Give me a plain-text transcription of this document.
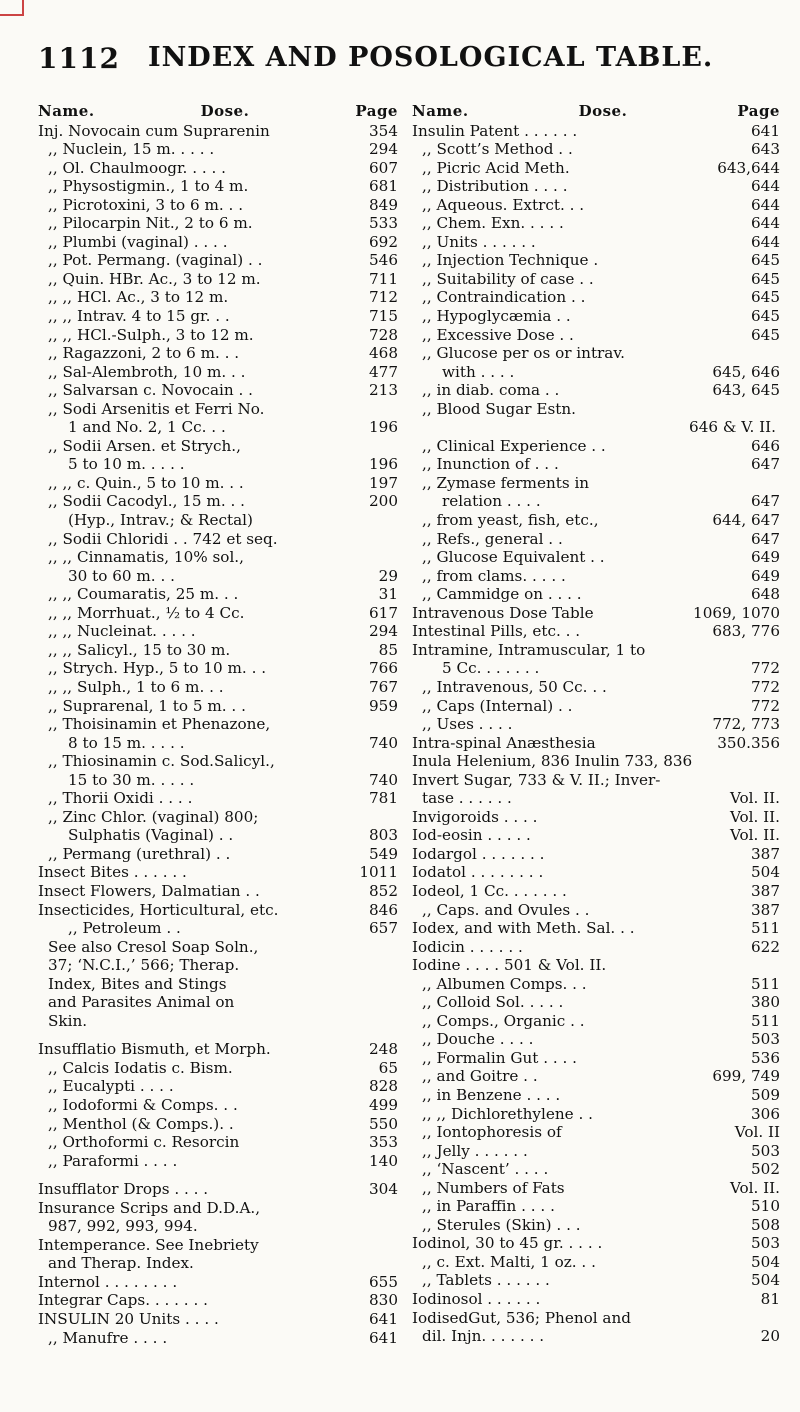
1112 INDEX AND POSOLOGICAL TABLE.
Name.	Dose.	Page
Inj. Novocain cum Suprarenin	354
,, Nuclein, 15 m. . . . .	294
,, Ol. Chaulmoogr. . . . .	607
,, Physostigmin., 1 to 4 m.	681
,, Picrotoxini, 3 to 6 m. . .	849
,, Pilocarpin Nit., 2 to 6 m.	533
,, Plumbi (vaginal) . . . .	692
,, Pot. Permang. (vaginal) . .	546
,, Quin. HBr. Ac., 3 to 12 m.	711
,, ,, HCl. Ac., 3 to 12 m.	712
,, ,, Intrav. 4 to 15 gr. . .	715
,, ,, HCl.-Sulph., 3 to 12 m.	728
,, Ragazzoni, 2 to 6 m. . .	468
,, Sal-Alembroth, 10 m. . .	477
,, Salvarsan c. Novocain . .	213
,, Sodi Arsenitis et Ferri No.
1 and No. 2, 1 Cc. . .	196
,, Sodii Arsen. et Strych.,
5 to 10 m. . . . .	196
,, ,, c. Quin., 5 to 10 m. . .	197
,, Sodii Cacodyl., 15 m. . .	200
(Hyp., Intrav.; & Rectal)
,, Sodii Chloridi . . 742 et seq.
,, ,, Cinnamatis, 10% sol.,
30 to 60 m. . .	29
,, ,, Coumaratis, 25 m. . .	31
,, ,, Morrhuat., ½ to 4 Cc.	617
,, ,, Nucleinat. . . . .	294
,, ,, Salicyl., 15 to 30 m.	85
,, Strych. Hyp., 5 to 10 m. . .	766
,, ,, Sulph., 1 to 6 m. . .	767
,, Suprarenal, 1 to 5 m. . .	959
,, Thoisinamin et Phenazone,
8 to 15 m. . . . .	740
,, Thiosinamin c. Sod.Salicyl.,
15 to 30 m. . . . .	740
,, Thorii Oxidi . . . .	781
,, Zinc Chlor. (vaginal) 800;
Sulphatis (Vaginal) . .	803
,, Permang (urethral) . .	549
Insect Bites . . . . . .	1011
Insect Flowers, Dalmatian . .	852
Insecticides, Horticultural, etc.	846
,, Petroleum . .	657
See also Cresol Soap Soln.,
37; ‘N.C.I.,’ 566; Therap.
Index, Bites and Stings
and Parasites Animal on
Skin.
Insufflatio Bismuth, et Morph.	248
,, Calcis Iodatis c. Bism.	65
,, Eucalypti . . . .	828
,, Iodoformi & Comps. . .	499
,, Menthol (& Comps.). .	550
,, Orthoformi c. Resorcin	353
,, Paraformi . . . .	140
Insufflator Drops . . . .	304
Insurance Scrips and D.D.A.,
987, 992, 993, 994.
Intemperance. See Inebriety
and Therap. Index.
Internol . . . . . . . .	655
Integrar Caps. . . . . . .	830
INSULIN 20 Units . . . .	641
,, Manufre . . . .	641
Name.	Dose.	Page
Insulin Patent . . . . . .	641
,, Scott’s Method . .	643
,, Picric Acid Meth.	643,644
,, Distribution . . . .	644
,, Aqueous. Extrct. . .	644
,, Chem. Exn. . . . .	644
,, Units . . . . . .	644
,, Injection Technique .	645
,, Suitability of case . .	645
,, Contraindication . .	645
,, Hypoglycæmia . .	645
,, Excessive Dose . .	645
,, Glucose per os or intrav.
with . . . .	645, 646
,, in diab. coma . .	643, 645
,, Blood Sugar Estn.
646 & V. II.
,, Clinical Experience . .	646
,, Inunction of . . .	647
,, Zymase ferments in
relation . . . .	647
,, from yeast, fish, etc.,	644, 647
,, Refs., general . .	647
,, Glucose Equivalent . .	649
,, from clams. . . . .	649
,, Cammidge on . . . .	648
Intravenous Dose Table	1069, 1070
Intestinal Pills, etc. . .	683, 776
Intramine, Intramuscular, 1 to
5 Cc. . . . . . .	772
,, Intravenous, 50 Cc. . .	772
,, Caps (Internal) . .	772
,, Uses . . . .	772, 773
Intra-spinal Anæsthesia	350.356
Inula Helenium, 836 Inulin 733, 836
Invert Sugar, 733 & V. II.; Inver-
tase . . . . . .	Vol. II.
Invigoroids . . . .	Vol. II.
Iod-eosin . . . . .	Vol. II.
Iodargol . . . . . . .	387
Iodatol . . . . . . . .	504
Iodeol, 1 Cc. . . . . . .	387
,, Caps. and Ovules . .	387
Iodex, and with Meth. Sal. . .	511
Iodicin . . . . . .	622
Iodine . . . . 501 & Vol. II.
,, Albumen Comps. . .	511
,, Colloid Sol. . . . .	380
,, Comps., Organic . .	511
,, Douche . . . .	503
,, Formalin Gut . . . .	536
,, and Goitre . .	699, 749
,, in Benzene . . . .	509
,, ,, Dichlorethylene . .	306
,, Iontophoresis of	Vol. II
,, Jelly . . . . . .	503
,, ‘Nascent’ . . . .	502
,, Numbers of Fats	Vol. II.
,, in Paraffin . . . .	510
,, Sterules (Skin) . . .	508
Iodinol, 30 to 45 gr. . . . .	503
,, c. Ext. Malti, 1 oz. . .	504
,, Tablets . . . . . .	504
Iodinosol . . . . . .	81
IodisedGut, 536; Phenol and
dil. Injn. . . . . . .	20
